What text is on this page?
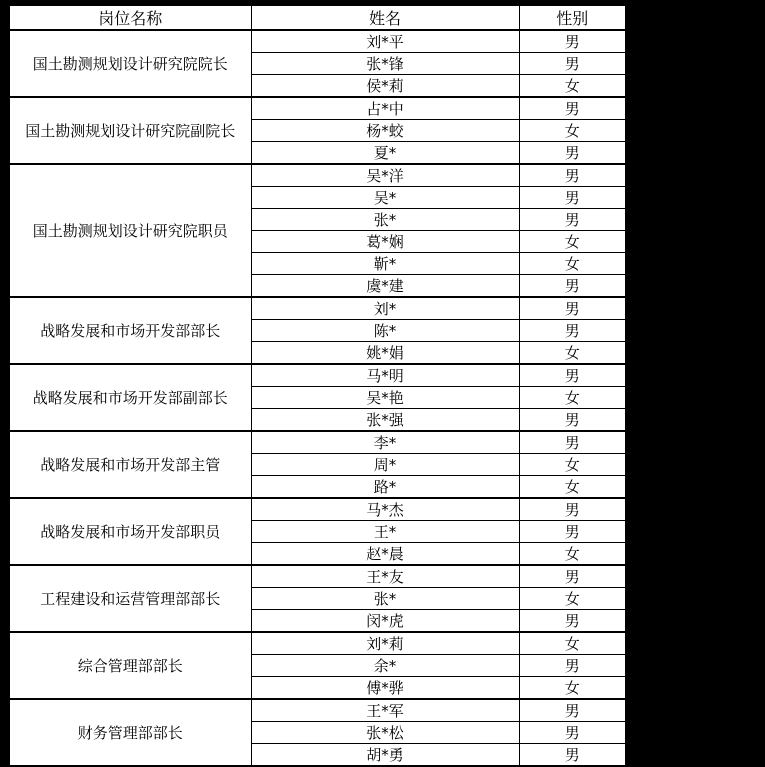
岗位名称	姓名	性别
国土勘测规划设计研究院院长	刘*平	男
	张*锋	男
	侯*莉	女
国土勘测规划设计研究院副院长	占*中	男
	杨*蛟	女
	夏*	男
国土勘测规划设计研究院职员	吴*洋	男
	吴*	男
	张*	男
	葛*娴	女
	靳*	女
	虞*建	男
战略发展和市场开发部部长	刘*	男
	陈*	男
	姚*娟	女
战略发展和市场开发部副部长	马*明	男
	吴*艳	女
	张*强	男
战略发展和市场开发部主管	李*	男
	周*	女
	路*	女
战略发展和市场开发部职员	马*杰	男
	王*	男
	赵*晨	女
工程建设和运营管理部部长	王*友	男
	张*	女
	闵*虎	男
综合管理部部长	刘*莉	女
	余*	男
	傅*骅	女
财务管理部部长	王*军	男
	张*松	男
	胡*勇	男
